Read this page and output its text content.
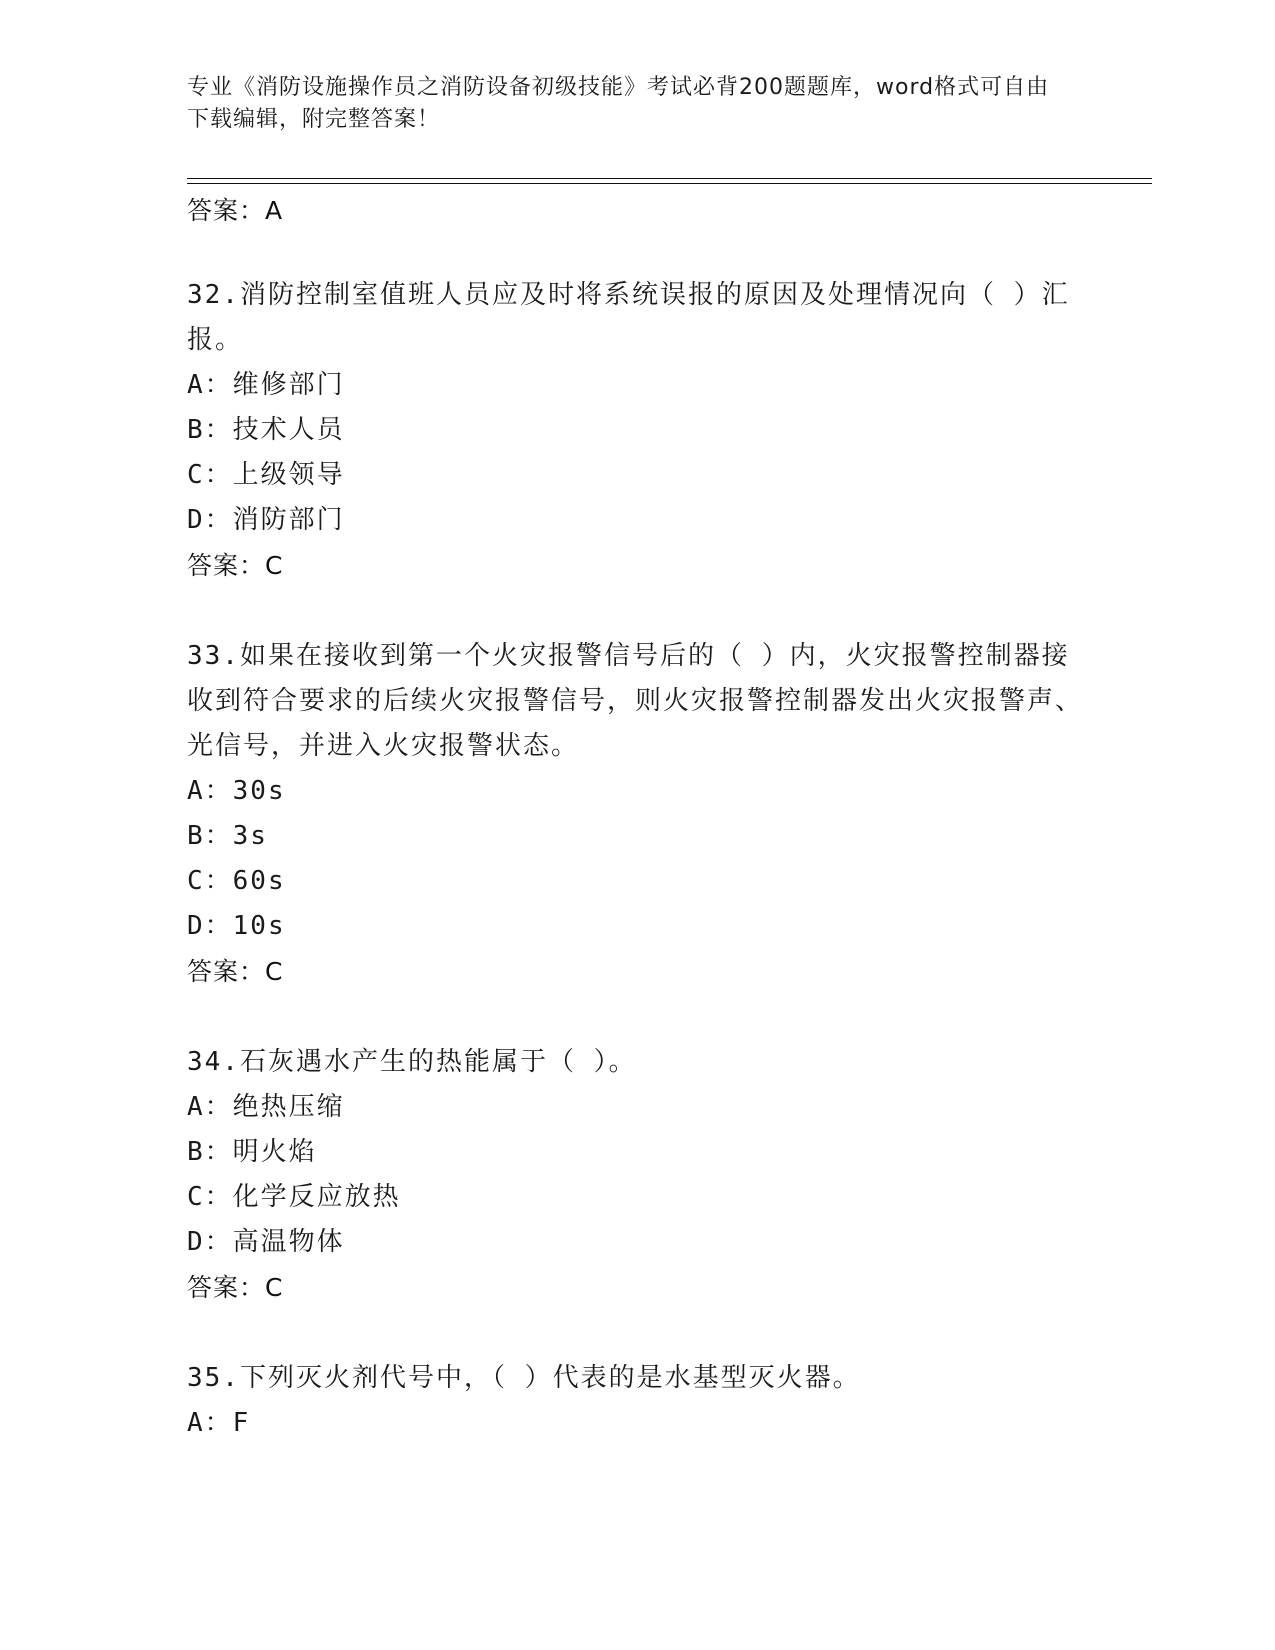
专业《消防设施操作员之消防设备初级技能》考试必背200题题库，word格式可自由下载编辑，附完整答案！
答案：A
32.消防控制室值班人员应及时将系统误报的原因及处理情况向（ ）汇报。
A：维修部门
B：技术人员
C：上级领导
D：消防部门
答案：C
33.如果在接收到第一个火灾报警信号后的（ ）内，火灾报警控制器接收到符合要求的后续火灾报警信号，则火灾报警控制器发出火灾报警声、光信号，并进入火灾报警状态。
A：30s
B：3s
C：60s
D：10s
答案：C
34.石灰遇水产生的热能属于（ ）。
A：绝热压缩
B：明火焰
C：化学反应放热
D：高温物体
答案：C
35.下列灭火剂代号中，（ ）代表的是水基型灭火器。
A：F
